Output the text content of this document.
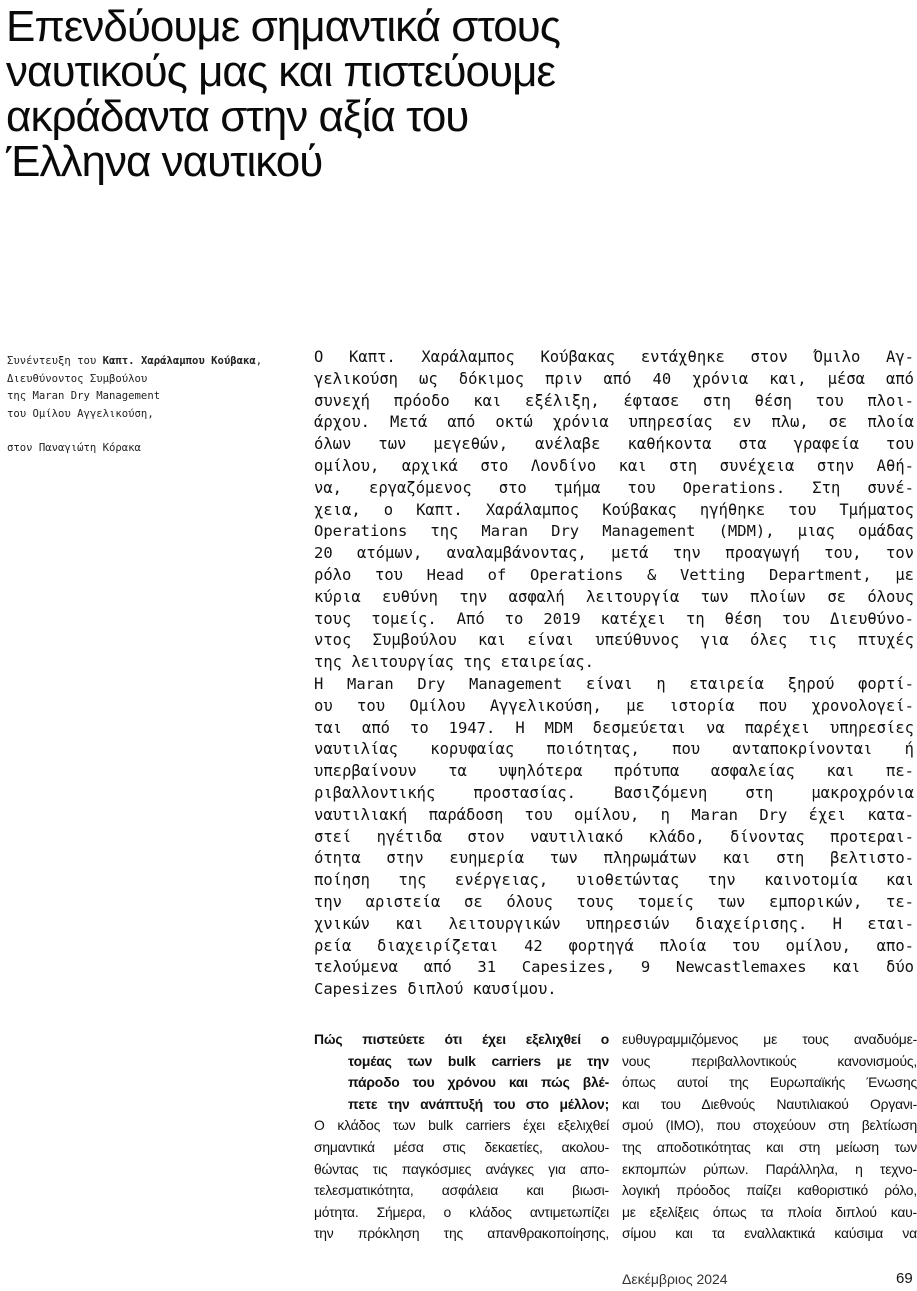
Επενδύουμε σημαντικά στους
ναυτικούς μας και πιστεύουμε
ακράδαντα στην αξία του
Έλληνα ναυτικού
Συνέντευξη του Καπτ. Χαράλαμπου Κούβακα,
Διευθύνοντος Συμβούλου
της Maran Dry Management
του Ομίλου Αγγελικούση,
στον Παναγιώτη Κόρακα
Ο Καπτ. Χαράλαμπος Κούβακας εντάχθηκε στον Όμιλο Αγ-
γελικούση ως δόκιμος πριν από 40 χρόνια και, μέσα από
συνεχή πρόοδο και εξέλιξη, έφτασε στη θέση του πλοι-
άρχου. Μετά από οκτώ χρόνια υπηρεσίας εν πλω, σε πλοία
όλων των μεγεθών, ανέλαβε καθήκοντα στα γραφεία του
ομίλου, αρχικά στο Λονδίνο και στη συνέχεια στην Αθή-
να, εργαζόμενος στο τμήμα του Operations. Στη συνέ-
χεια, ο Καπτ. Χαράλαμπος Κούβακας ηγήθηκε του Τμήματος
Operations της Maran Dry Management (MDM), μιας ομάδας
20 ατόμων, αναλαμβάνοντας, μετά την προαγωγή του, τον
ρόλο του Head of Operations & Vetting Department, με
κύρια ευθύνη την ασφαλή λειτουργία των πλοίων σε όλους
τους τομείς. Από το 2019 κατέχει τη θέση του Διευθύνο-
ντος Συμβούλου και είναι υπεύθυνος για όλες τις πτυχές
της λειτουργίας της εταιρείας.
Η Maran Dry Management είναι η εταιρεία ξηρού φορτί-
ου του Ομίλου Αγγελικούση, με ιστορία που χρονολογεί-
ται από το 1947. Η MDM δεσμεύεται να παρέχει υπηρεσίες
ναυτιλίας κορυφαίας ποιότητας, που ανταποκρίνονται ή
υπερβαίνουν τα υψηλότερα πρότυπα ασφαλείας και πε-
ριβαλλοντικής προστασίας. Βασιζόμενη στη μακροχρόνια
ναυτιλιακή παράδοση του ομίλου, η Maran Dry έχει κατα-
στεί ηγέτιδα στον ναυτιλιακό κλάδο, δίνοντας προτεραι-
ότητα στην ευημερία των πληρωμάτων και στη βελτιστο-
ποίηση της ενέργειας, υιοθετώντας την καινοτομία και
την αριστεία σε όλους τους τομείς των εμπορικών, τε-
χνικών και λειτουργικών υπηρεσιών διαχείρισης. Η εται-
ρεία διαχειρίζεται 42 φορτηγά πλοία του ομίλου, απο-
τελούμενα από 31 Capesizes, 9 Newcastlemaxes και δύο
Capesizes διπλού καυσίμου.
Πώς πιστεύετε ότι έχει εξελιχθεί ο
τομέας των bulk carriers με την
πάροδο του χρόνου και πώς βλέ-
πετε την ανάπτυξή του στο μέλλον;
Ο κλάδος των bulk carriers έχει εξελιχθεί
σημαντικά μέσα στις δεκαετίες, ακολου-
θώντας τις παγκόσμιες ανάγκες για απο-
τελεσματικότητα, ασφάλεια και βιωσι-
μότητα. Σήμερα, ο κλάδος αντιμετωπίζει
την πρόκληση της απανθρακοποίησης,
ευθυγραμμιζόμενος με τους αναδυόμε-
νους περιβαλλοντικούς κανονισμούς,
όπως αυτοί της Ευρωπαϊκής Ένωσης
και του Διεθνούς Ναυτιλιακού Οργανι-
σμού (IMO), που στοχεύουν στη βελτίωση
της αποδοτικότητας και στη μείωση των
εκπομπών ρύπων. Παράλληλα, η τεχνο-
λογική πρόοδος παίζει καθοριστικό ρόλο,
με εξελίξεις όπως τα πλοία διπλού καυ-
σίμου και τα εναλλακτικά καύσιμα να
Δεκέμβριος 2024	69
